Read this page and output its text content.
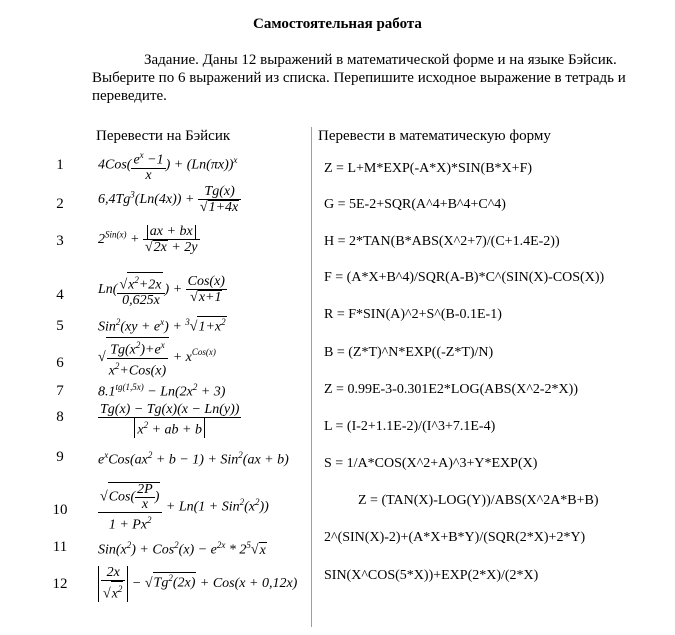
Самостоятельная работа
Задание. Даны 12 выражений в математической форме и на языке Бэйсик. Выберите по 6 выражений из списка. Перепишите исходное выражение в тетрадь и переведите.
Перевести на Бэйсик	Перевести в математическую форму
1
2
3
4
5
6
7
8
9
10
11
12
$4Cos( \frac{e^x -1}{x}$ ) + $(Ln(\pi x))^x$
$6,4Tg^3(Ln(4x)) + \frac{Tg(x)}{√1+4x}$
$2^{Sin(x)} + \frac{ax + bx}{√2x + 2y}$
$Ln( \frac{√x^2+2x}{0,625x}$ ) + $\frac{\text{Cos(x)}}{√x+1}$
$Sin^2(xy + e^x) + ^3√1+x^2$
√ $\frac{Tg(x^2)+e^x}{x^2+Cos(x)} + x^{Cos(x)}$
$8.1^{tg(1,5x)} - Ln(2x^2 + 3)$
$\frac{Tg(x) - Tg(x)(x - Ln(y))}{x^2 + ab + b}$
$e^xCos(ax^2 + b - 1) + Sin^2(ax + b)$
$\frac{√Cos( \frac{2P}{x} )}{1 + Px^2} + Ln(1 + Sin^2(x^2))$
$Sin(x^2) + Cos^2(x) - e^{2x} * 2^5√x$
$\frac{2x}{√x^2} - √Tg^2(2x) + Cos(x + 0,12x)$
Z = L+M*EXP(-A*X)*SIN(B*X+F)
G = 5E-2+SQR(A^4+B^4+C^4)
H = 2*TAN(B*ABS(X^2+7)/(C+1.4E-2))
F = (A*X+B^4)/SQR(A-B)*C^(SIN(X)-COS(X))
R = F*SIN(A)^2+S^(B-0.1E-1)
B = (Z*T)^N*EXP((-Z*T)/N)
Z = 0.99E-3-0.301E2*LOG(ABS(X^2-2*X))
L = (I-2+1.1E-2)/(I^3+7.1E-4)
S = 1/A*COS(X^2+A)^3+Y*EXP(X)
Z = (TAN(X)-LOG(Y))/ABS(X^2A*B+B)
2^(SIN(X)-2)+(A*X+B*Y)/(SQR(2*X)+2*Y)
SIN(X^COS(5*X))+EXP(2*X)/(2*X)
